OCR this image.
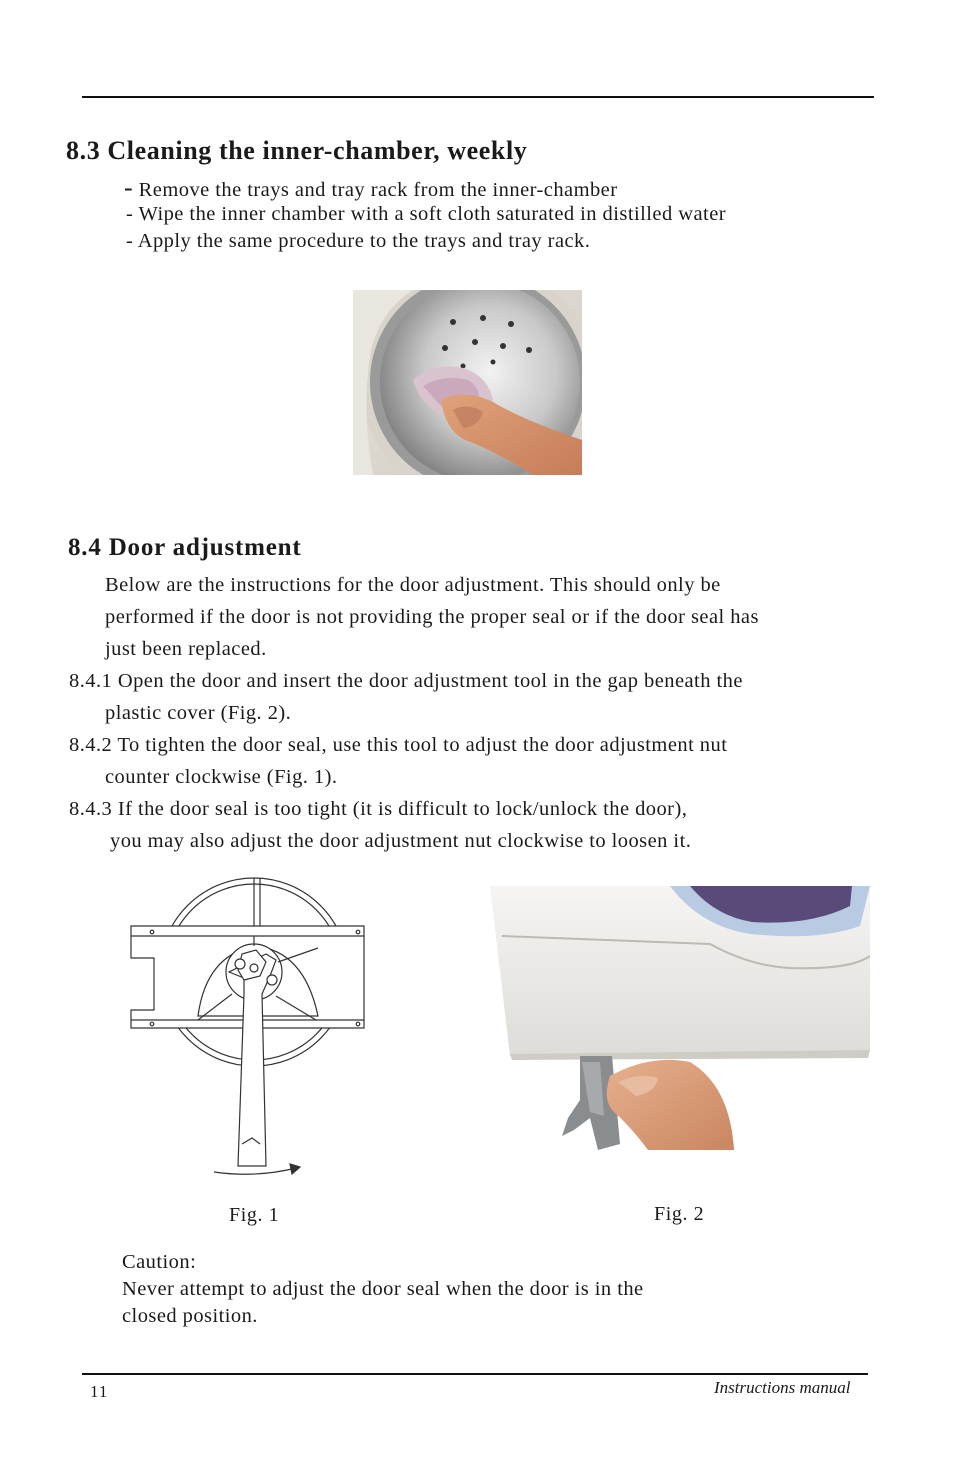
8.3 Cleaning the inner-chamber, weekly
- Remove the trays and tray rack from the inner-chamber
- Wipe the inner chamber with a soft cloth saturated in distilled water
- Apply the same procedure to the trays and tray rack.
8.4 Door adjustment
Below are the instructions for the door adjustment. This should only be
performed if the door is not providing the proper seal or if the door seal has
just been replaced.
8.4.1 Open the door and insert the door adjustment tool in the gap beneath the
plastic cover (Fig. 2).
8.4.2 To tighten the door seal, use this tool to adjust the door adjustment nut
counter clockwise (Fig. 1).
8.4.3 If the door seal is too tight (it is difficult to lock/unlock the door),
you may also adjust the door adjustment nut clockwise to loosen it.
Fig. 1	Fig. 2
Caution:
Never attempt to adjust the door seal when the door is in the
closed position.
11	Instructions manual
